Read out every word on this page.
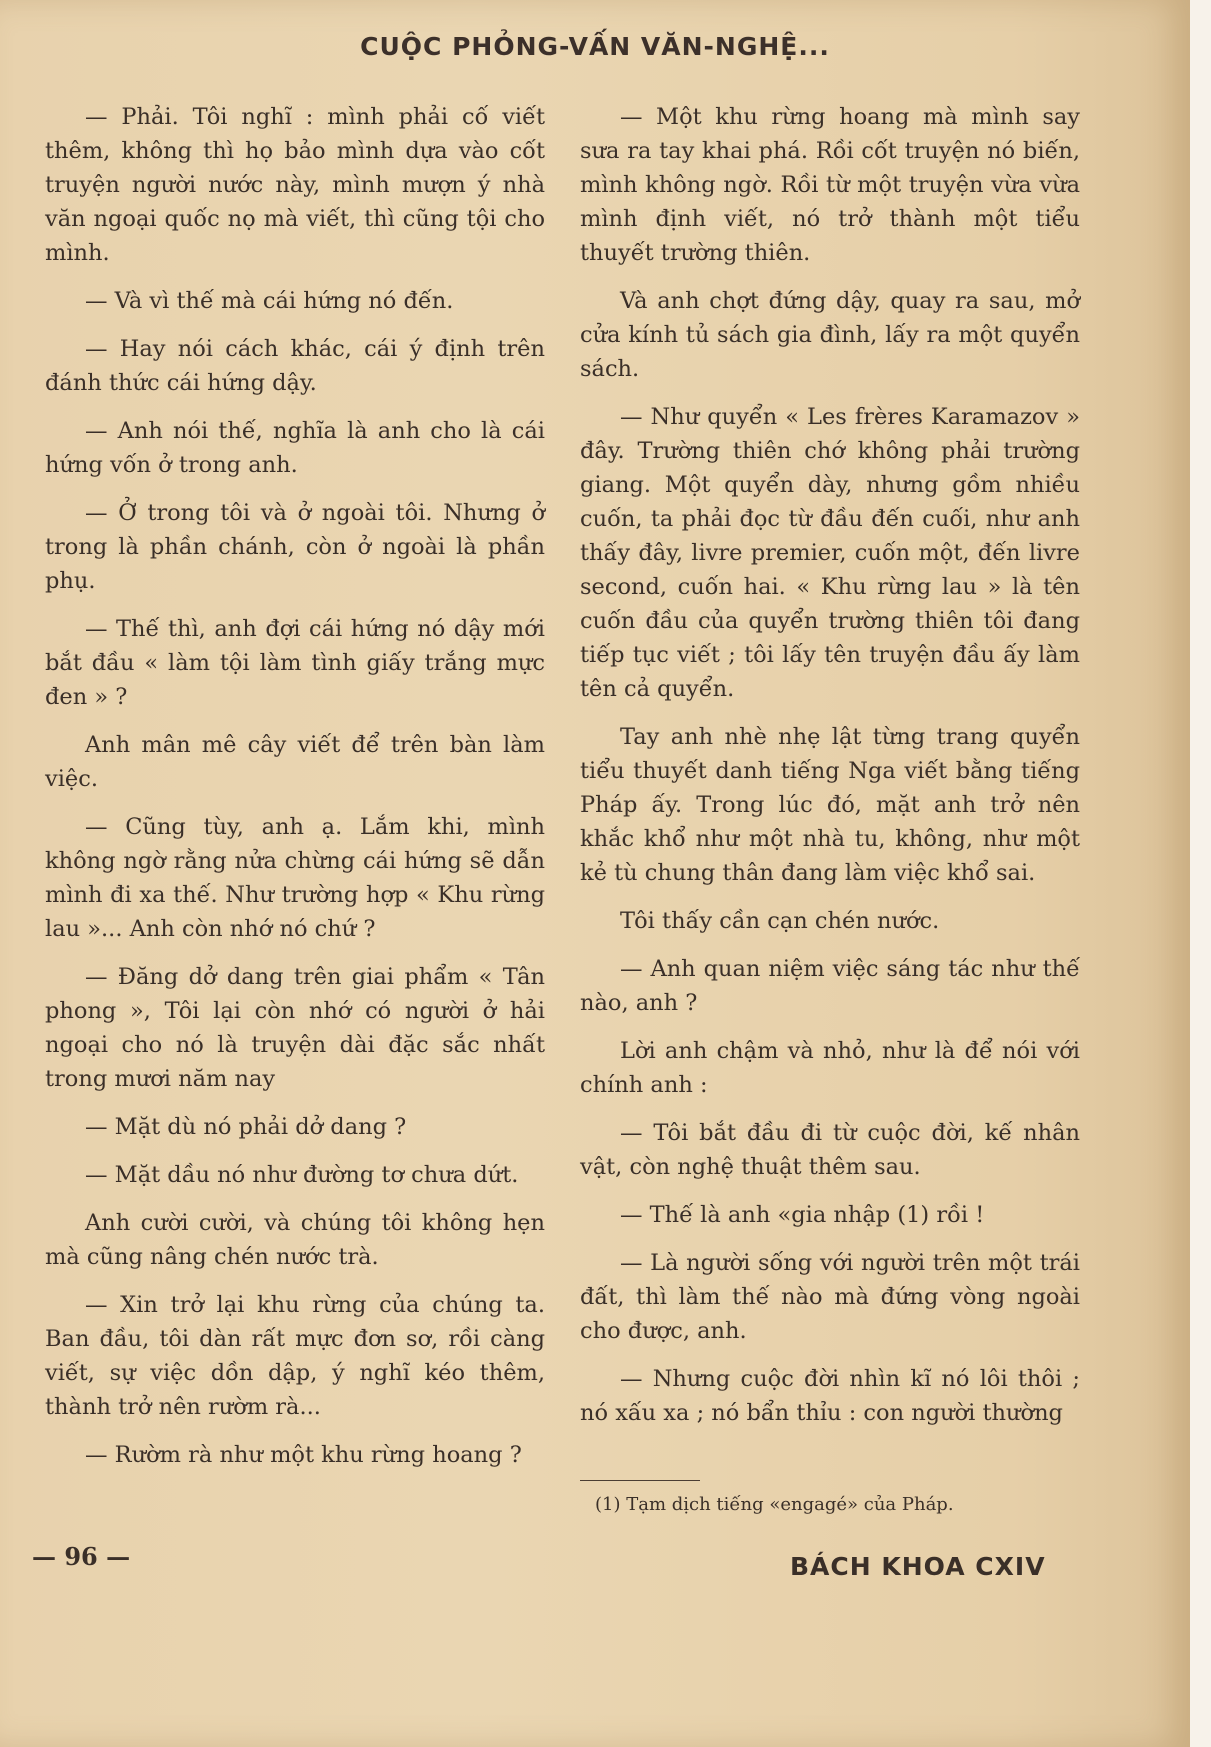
CUỘC PHỎNG-VẤN VĂN-NGHỆ...

— Phải. Tôi nghĩ : mình phải cố viết thêm, không thì họ bảo mình dựa vào cốt truyện người nước này, mình mượn ý nhà văn ngoại quốc nọ mà viết, thì cũng tội cho mình.

— Và vì thế mà cái hứng nó đến.

— Hay nói cách khác, cái ý định trên đánh thức cái hứng dậy.

— Anh nói thế, nghĩa là anh cho là cái hứng vốn ở trong anh.

— Ở trong tôi và ở ngoài tôi. Nhưng ở trong là phần chánh, còn ở ngoài là phần phụ.

— Thế thì, anh đợi cái hứng nó dậy mới bắt đầu « làm tội làm tình giấy trắng mực đen » ?

Anh mân mê cây viết để trên bàn làm việc.

— Cũng tùy, anh ạ. Lắm khi, mình không ngờ rằng nửa chừng cái hứng sẽ dẫn mình đi xa thế. Như trường hợp « Khu rừng lau »... Anh còn nhớ nó chứ ?

— Đăng dở dang trên giai phẩm « Tân phong », Tôi lại còn nhớ có người ở hải ngoại cho nó là truyện dài đặc sắc nhất trong mươi năm nay

— Mặt dù nó phải dở dang ?

— Mặt dầu nó như đường tơ chưa dứt.

Anh cười cười, và chúng tôi không hẹn mà cũng nâng chén nước trà.

— Xin trở lại khu rừng của chúng ta. Ban đầu, tôi dàn rất mực đơn sơ, rồi càng viết, sự việc dồn dập, ý nghĩ kéo thêm, thành trở nên rườm rà...

— Rườm rà như một khu rừng hoang ?

— Một khu rừng hoang mà mình say sưa ra tay khai phá. Rồi cốt truyện nó biến, mình không ngờ. Rồi từ một truyện vừa vừa mình định viết, nó trở thành một tiểu thuyết trường thiên.

Và anh chợt đứng dậy, quay ra sau, mở cửa kính tủ sách gia đình, lấy ra một quyển sách.

— Như quyển « Les frères Karamazov » đây. Trường thiên chớ không phải trường giang. Một quyển dày, nhưng gồm nhiều cuốn, ta phải đọc từ đầu đến cuối, như anh thấy đây, livre premier, cuốn một, đến livre second, cuốn hai. « Khu rừng lau » là tên cuốn đầu của quyển trường thiên tôi đang tiếp tục viết ; tôi lấy tên truyện đầu ấy làm tên cả quyển.

Tay anh nhè nhẹ lật từng trang quyển tiểu thuyết danh tiếng Nga viết bằng tiếng Pháp ấy. Trong lúc đó, mặt anh trở nên khắc khổ như một nhà tu, không, như một kẻ tù chung thân đang làm việc khổ sai.

Tôi thấy cần cạn chén nước.

— Anh quan niệm việc sáng tác như thế nào, anh ?

Lời anh chậm và nhỏ, như là để nói với chính anh :

— Tôi bắt đầu đi từ cuộc đời, kế nhân vật, còn nghệ thuật thêm sau.

— Thế là anh «gia nhập (1) rồi !

— Là người sống với người trên một trái đất, thì làm thế nào mà đứng vòng ngoài cho được, anh.

— Nhưng cuộc đời nhìn kĩ nó lôi thôi ; nó xấu xa ; nó bẩn thỉu : con người thường

(1) Tạm dịch tiếng «engagé» của Pháp.
— 96 —	BÁCH KHOA CXIV
